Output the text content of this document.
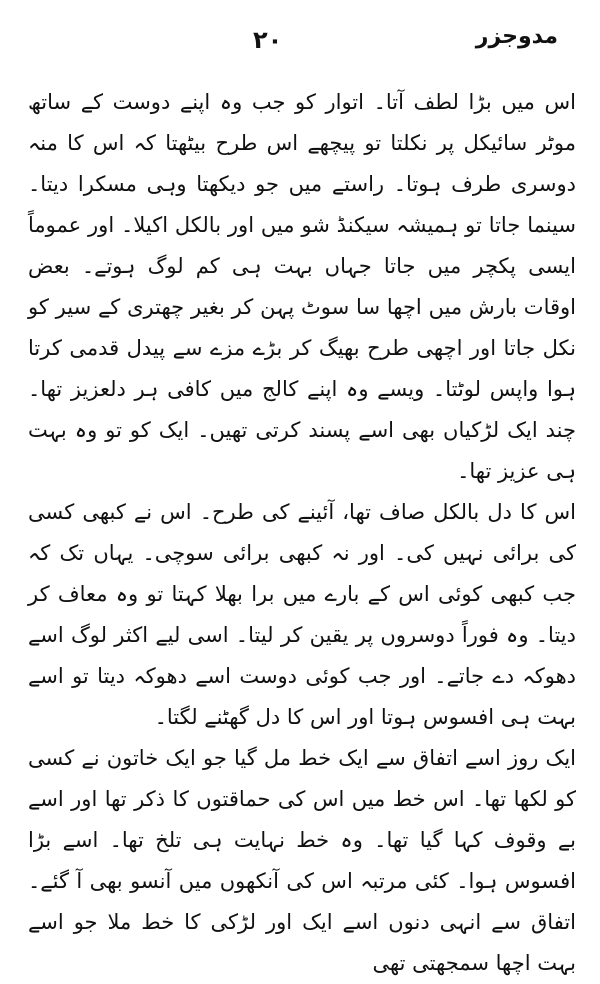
۲۰	مدوجزر

اس میں بڑا لطف آتا۔ اتوار کو جب وہ اپنے دوست کے ساتھ موٹر سائیکل پر نکلتا تو پیچھے اس طرح بیٹھتا کہ اس کا منہ دوسری طرف ہوتا۔ راستے میں جو دیکھتا وہی مسکرا دیتا۔ سینما جاتا تو ہمیشہ سیکنڈ شو میں اور بالکل اکیلا۔ اور عموماً ایسی پکچر میں جاتا جہاں بہت ہی کم لوگ ہوتے۔ بعض اوقات بارش میں اچھا سا سوٹ پہن کر بغیر چھتری کے سیر کو نکل جاتا اور اچھی طرح بھیگ کر بڑے مزے سے پیدل قدمی کرتا ہوا واپس لوٹتا۔ ویسے وہ اپنے کالج میں کافی ہر دلعزیز تھا۔ چند ایک لڑکیاں بھی اسے پسند کرتی تھیں۔ ایک کو تو وہ بہت ہی عزیز تھا۔

اس کا دل بالکل صاف تھا، آئینے کی طرح۔ اس نے کبھی کسی کی برائی نہیں کی۔ اور نہ کبھی برائی سوچی۔ یہاں تک کہ جب کبھی کوئی اس کے بارے میں برا بھلا کہتا تو وہ معاف کر دیتا۔ وہ فوراً دوسروں پر یقین کر لیتا۔ اسی لیے اکثر لوگ اسے دھوکہ دے جاتے۔ اور جب کوئی دوست اسے دھوکہ دیتا تو اسے بہت ہی افسوس ہوتا اور اس کا دل گھٹنے لگتا۔

ایک روز اسے اتفاق سے ایک خط مل گیا جو ایک خاتون نے کسی کو لکھا تھا۔ اس خط میں اس کی حماقتوں کا ذکر تھا اور اسے بے وقوف کہا گیا تھا۔ وہ خط نہایت ہی تلخ تھا۔ اسے بڑا افسوس ہوا۔ کئی مرتبہ اس کی آنکھوں میں آنسو بھی آ گئے۔ اتفاق سے انہی دنوں اسے ایک اور لڑکی کا خط ملا جو اسے بہت اچھا سمجھتی تھی
